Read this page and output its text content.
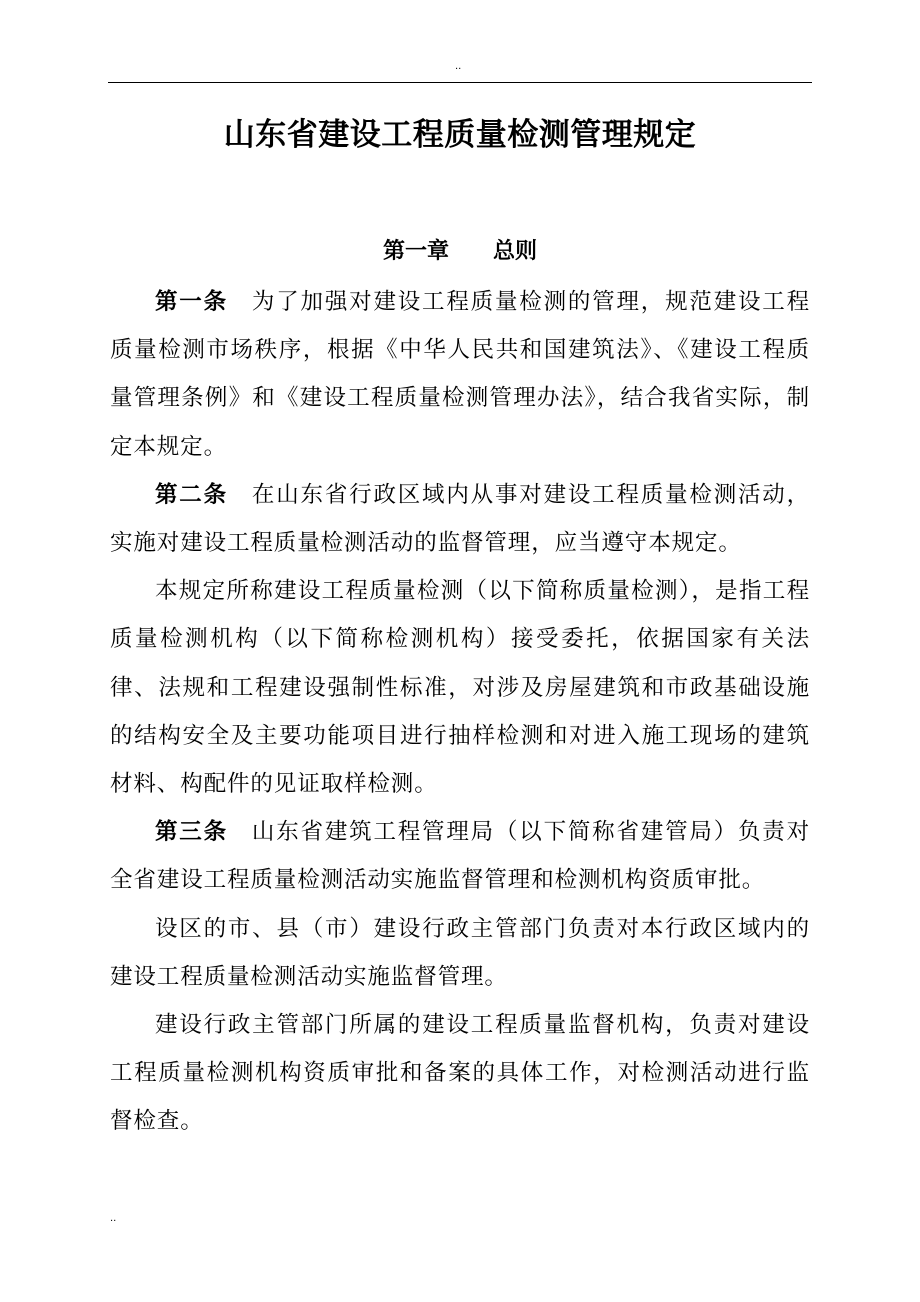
..
山东省建设工程质量检测管理规定
第一章 总则

第一条 为了加强对建设工程质量检测的管理，规范建设工程质量检测市场秩序，根据《中华人民共和国建筑法》、《建设工程质量管理条例》和《建设工程质量检测管理办法》，结合我省实际，制定本规定。

第二条 在山东省行政区域内从事对建设工程质量检测活动，实施对建设工程质量检测活动的监督管理，应当遵守本规定。

本规定所称建设工程质量检测（以下简称质量检测），是指工程质量检测机构（以下简称检测机构）接受委托，依据国家有关法律、法规和工程建设强制性标准，对涉及房屋建筑和市政基础设施的结构安全及主要功能项目进行抽样检测和对进入施工现场的建筑材料、构配件的见证取样检测。

第三条 山东省建筑工程管理局（以下简称省建管局）负责对全省建设工程质量检测活动实施监督管理和检测机构资质审批。

设区的市、县（市）建设行政主管部门负责对本行政区域内的建设工程质量检测活动实施监督管理。

建设行政主管部门所属的建设工程质量监督机构，负责对建设工程质量检测机构资质审批和备案的具体工作，对检测活动进行监督检查。

..
